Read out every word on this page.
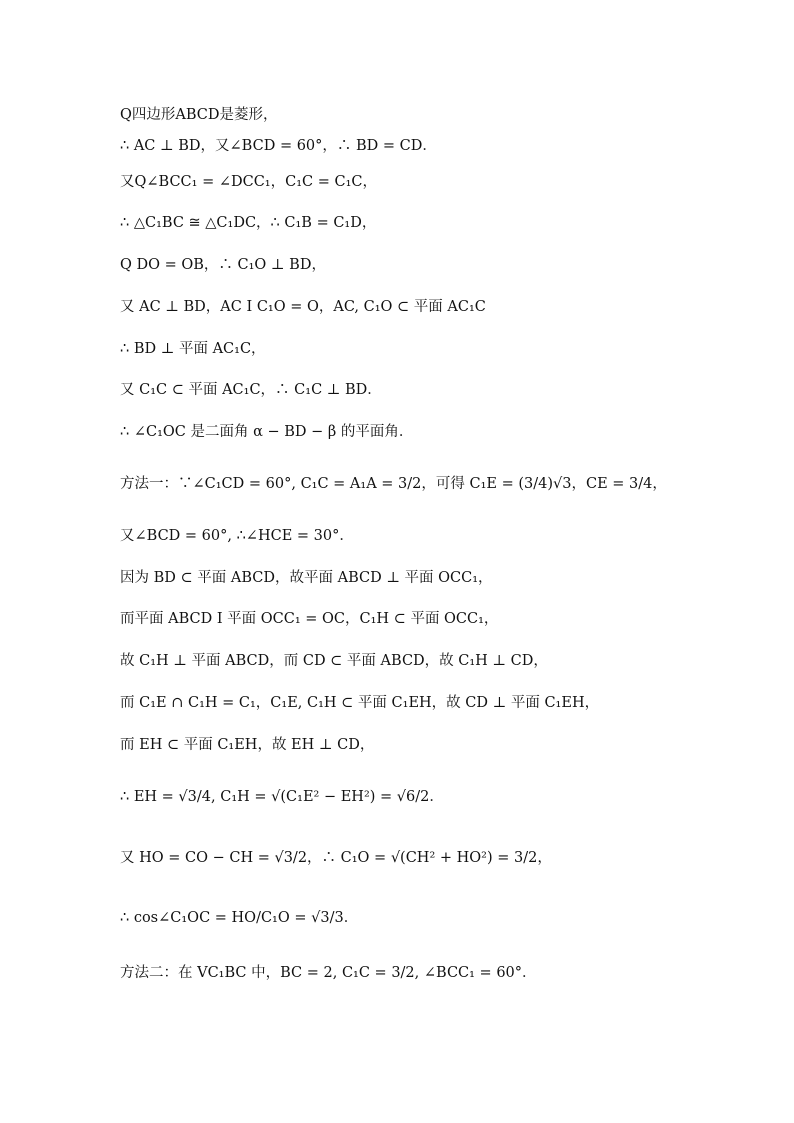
Q四边形ABCD是菱形，
∴ AC ⊥ BD，又∠BCD = 60°，∴ BD = CD．
又Q∠BCC₁ = ∠DCC₁，C₁C = C₁C，
∴ △C₁BC ≅ △C₁DC，∴ C₁B = C₁D，
Q DO = OB，∴ C₁O ⊥ BD，
又 AC ⊥ BD，AC I C₁O = O，AC, C₁O ⊂ 平面 AC₁C
∴ BD ⊥ 平面 AC₁C，
又 C₁C ⊂ 平面 AC₁C，∴ C₁C ⊥ BD．
∴ ∠C₁OC 是二面角 α − BD − β 的平面角．
方法一：∵∠C₁CD = 60°, C₁C = A₁A = 3/2，可得 C₁E = (3/4)√3，CE = 3/4，
又∠BCD = 60°, ∴∠HCE = 30°．
因为 BD ⊂ 平面 ABCD，故平面 ABCD ⊥ 平面 OCC₁，
而平面 ABCD I 平面 OCC₁ = OC，C₁H ⊂ 平面 OCC₁，
故 C₁H ⊥ 平面 ABCD，而 CD ⊂ 平面 ABCD，故 C₁H ⊥ CD，
而 C₁E ∩ C₁H = C₁，C₁E, C₁H ⊂ 平面 C₁EH，故 CD ⊥ 平面 C₁EH，
而 EH ⊂ 平面 C₁EH，故 EH ⊥ CD，
∴ EH = √3/4, C₁H = √(C₁E² − EH²) = √6/2．
又 HO = CO − CH = √3/2，∴ C₁O = √(CH² + HO²) = 3/2，
∴ cos∠C₁OC = HO/C₁O = √3/3．
方法二：在 VC₁BC 中，BC = 2, C₁C = 3/2, ∠BCC₁ = 60°．
